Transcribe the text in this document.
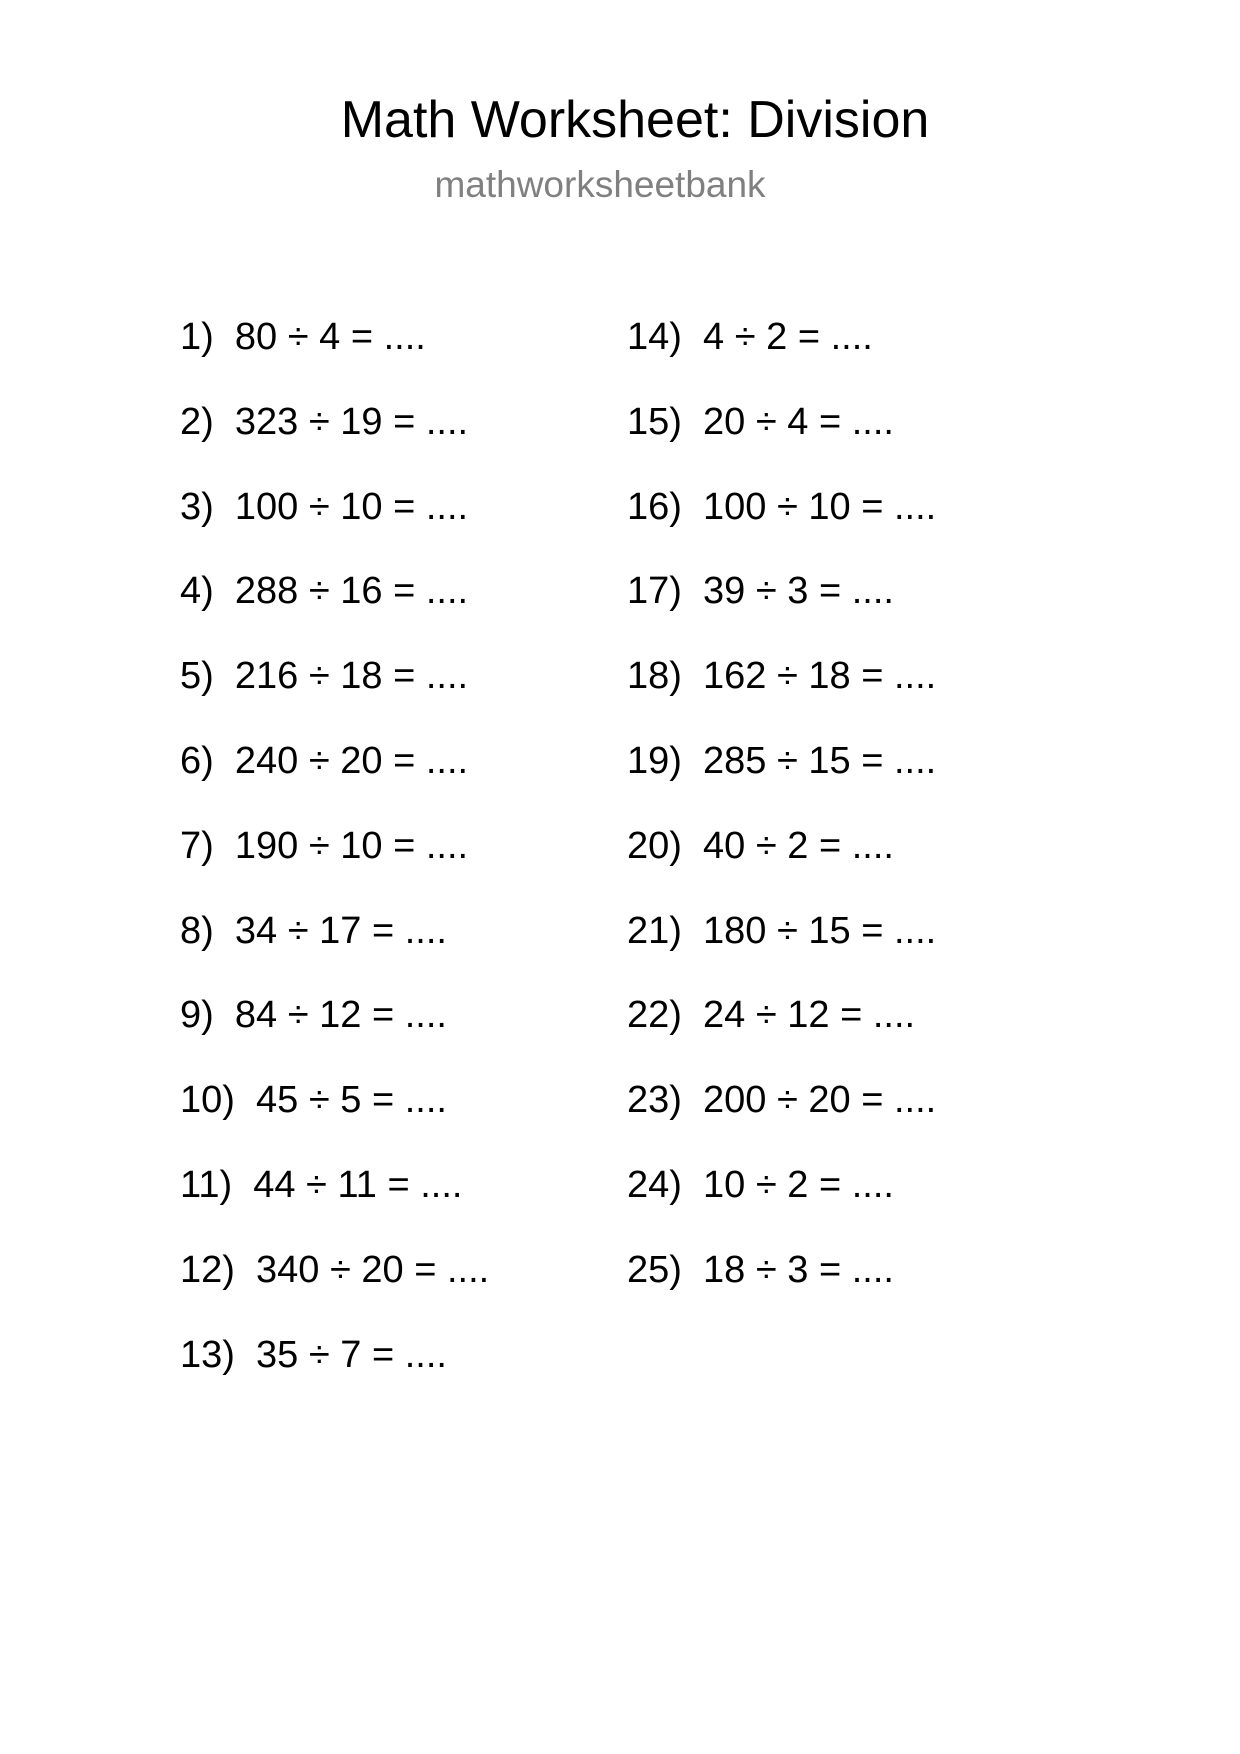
Math Worksheet: Division
mathworksheetbank
1)  80 ÷ 4 = ....
2)  323 ÷ 19 = ....
3)  100 ÷ 10 = ....
4)  288 ÷ 16 = ....
5)  216 ÷ 18 = ....
6)  240 ÷ 20 = ....
7)  190 ÷ 10 = ....
8)  34 ÷ 17 = ....
9)  84 ÷ 12 = ....
10)  45 ÷ 5 = ....
11)  44 ÷ 11 = ....
12)  340 ÷ 20 = ....
13)  35 ÷ 7 = ....
14)  4 ÷ 2 = ....
15)  20 ÷ 4 = ....
16)  100 ÷ 10 = ....
17)  39 ÷ 3 = ....
18)  162 ÷ 18 = ....
19)  285 ÷ 15 = ....
20)  40 ÷ 2 = ....
21)  180 ÷ 15 = ....
22)  24 ÷ 12 = ....
23)  200 ÷ 20 = ....
24)  10 ÷ 2 = ....
25)  18 ÷ 3 = ....
